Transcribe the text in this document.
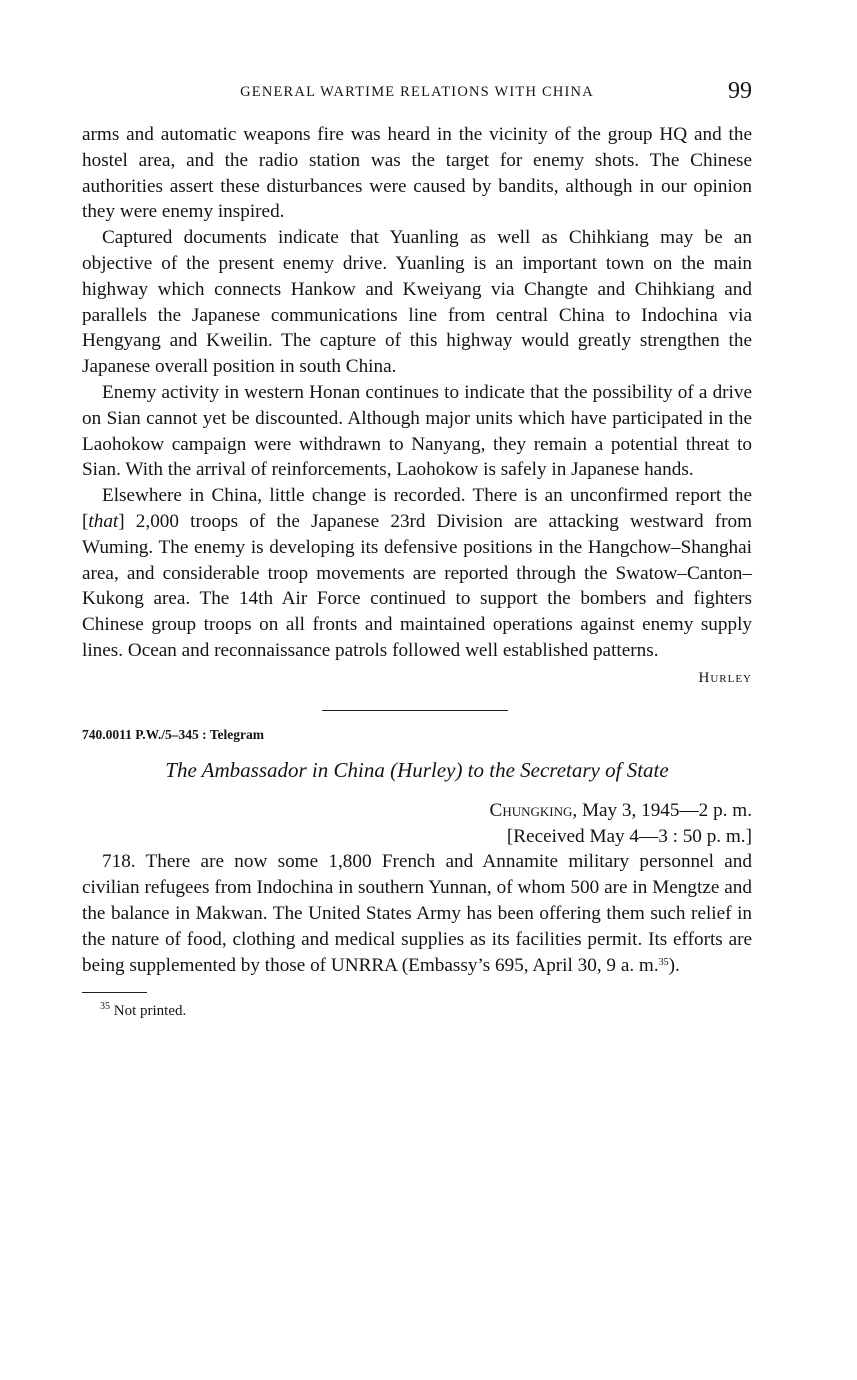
GENERAL WARTIME RELATIONS WITH CHINA	99

arms and automatic weapons fire was heard in the vicinity of the group HQ and the hostel area, and the radio station was the target for enemy shots. The Chinese authorities assert these disturbances were caused by bandits, although in our opinion they were enemy inspired.

Captured documents indicate that Yuanling as well as Chihkiang may be an objective of the present enemy drive. Yuanling is an important town on the main highway which connects Hankow and Kweiyang via Changte and Chihkiang and parallels the Japanese communications line from central China to Indochina via Hengyang and Kweilin. The capture of this highway would greatly strengthen the Japanese overall position in south China.

Enemy activity in western Honan continues to indicate that the possibility of a drive on Sian cannot yet be discounted. Although major units which have participated in the Laohokow campaign were withdrawn to Nanyang, they remain a potential threat to Sian. With the arrival of reinforcements, Laohokow is safely in Japanese hands.

Elsewhere in China, little change is recorded. There is an unconfirmed report the [that] 2,000 troops of the Japanese 23rd Division are attacking westward from Wuming. The enemy is developing its defensive positions in the Hangchow–Shanghai area, and considerable troop movements are reported through the Swatow–Canton–Kukong area. The 14th Air Force continued to support the bombers and fighters Chinese group troops on all fronts and maintained operations against enemy supply lines. Ocean and reconnaissance patrols followed well established patterns.

Hurley
740.0011 P.W./5–345 : Telegram
The Ambassador in China (Hurley) to the Secretary of State
Chungking, May 3, 1945—2 p. m.
[Received May 4—3 : 50 p. m.]

718. There are now some 1,800 French and Annamite military personnel and civilian refugees from Indochina in southern Yunnan, of whom 500 are in Mengtze and the balance in Makwan. The United States Army has been offering them such relief in the nature of food, clothing and medical supplies as its facilities permit. Its efforts are being supplemented by those of UNRRA (Embassy’s 695, April 30, 9 a. m.$^{35}$).

$^{35}$ Not printed.
